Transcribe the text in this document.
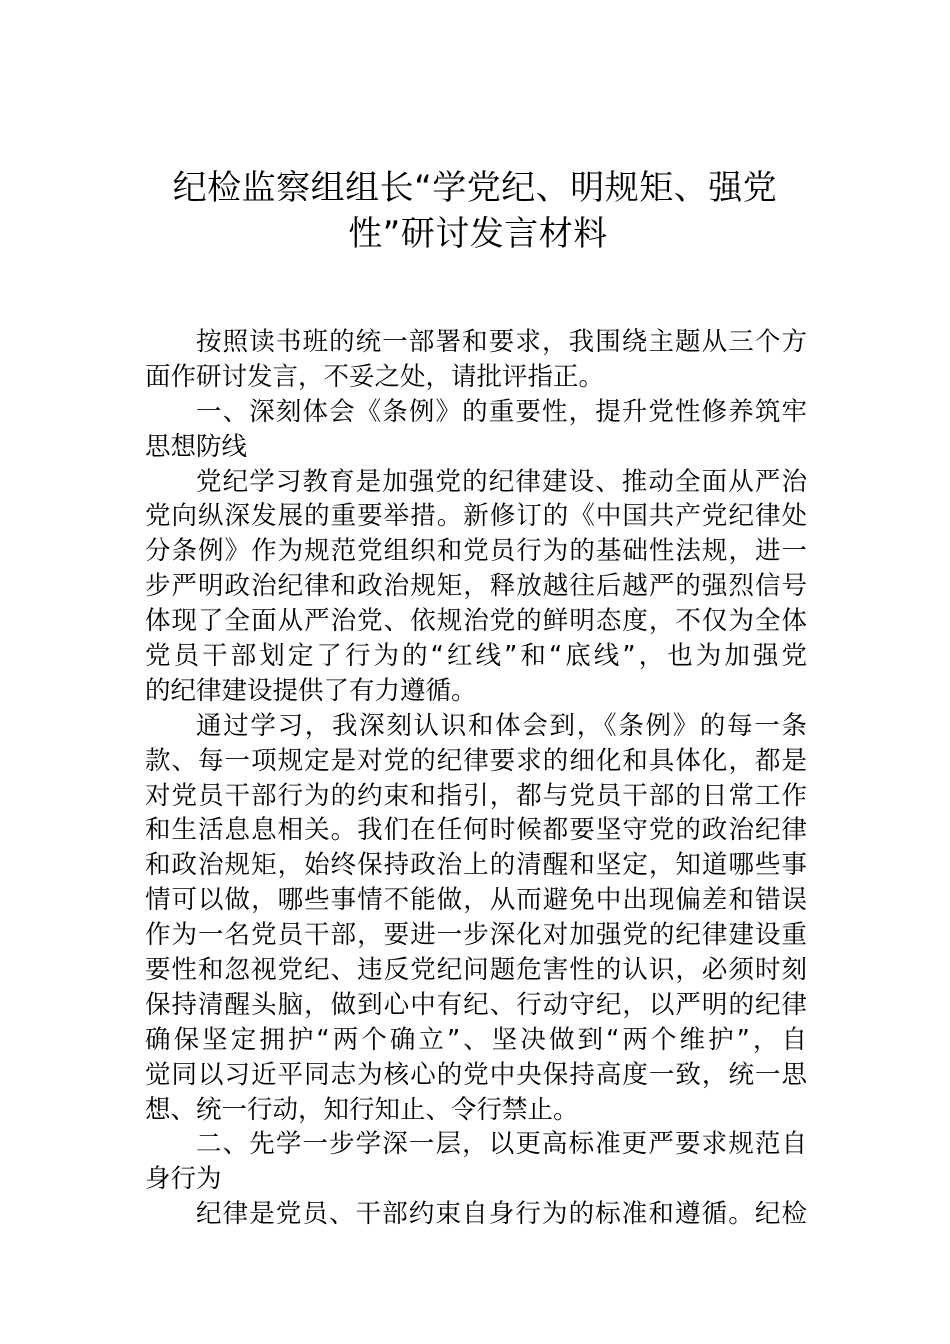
纪检监察组组长“学党纪、明规矩、强党
性”研讨发言材料
按照读书班的统一部署和要求，我围绕主题从三个方
面作研讨发言，不妥之处，请批评指正。
一、深刻体会《条例》的重要性，提升党性修养筑牢
思想防线
党纪学习教育是加强党的纪律建设、推动全面从严治
党向纵深发展的重要举措。新修订的《中国共产党纪律处
分条例》作为规范党组织和党员行为的基础性法规，进一
步严明政治纪律和政治规矩，释放越往后越严的强烈信号
体现了全面从严治党、依规治党的鲜明态度，不仅为全体
党员干部划定了行为的“红线”和“底线”，也为加强党
的纪律建设提供了有力遵循。
通过学习，我深刻认识和体会到，《条例》的每一条
款、每一项规定是对党的纪律要求的细化和具体化，都是
对党员干部行为的约束和指引，都与党员干部的日常工作
和生活息息相关。我们在任何时候都要坚守党的政治纪律
和政治规矩，始终保持政治上的清醒和坚定，知道哪些事
情可以做，哪些事情不能做，从而避免中出现偏差和错误
作为一名党员干部，要进一步深化对加强党的纪律建设重
要性和忽视党纪、违反党纪问题危害性的认识，必须时刻
保持清醒头脑，做到心中有纪、行动守纪，以严明的纪律
确保坚定拥护“两个确立”、坚决做到“两个维护”，自
觉同以习近平同志为核心的党中央保持高度一致，统一思
想、统一行动，知行知止、令行禁止。
二、先学一步学深一层，以更高标准更严要求规范自
身行为
纪律是党员、干部约束自身行为的标准和遵循。纪检
